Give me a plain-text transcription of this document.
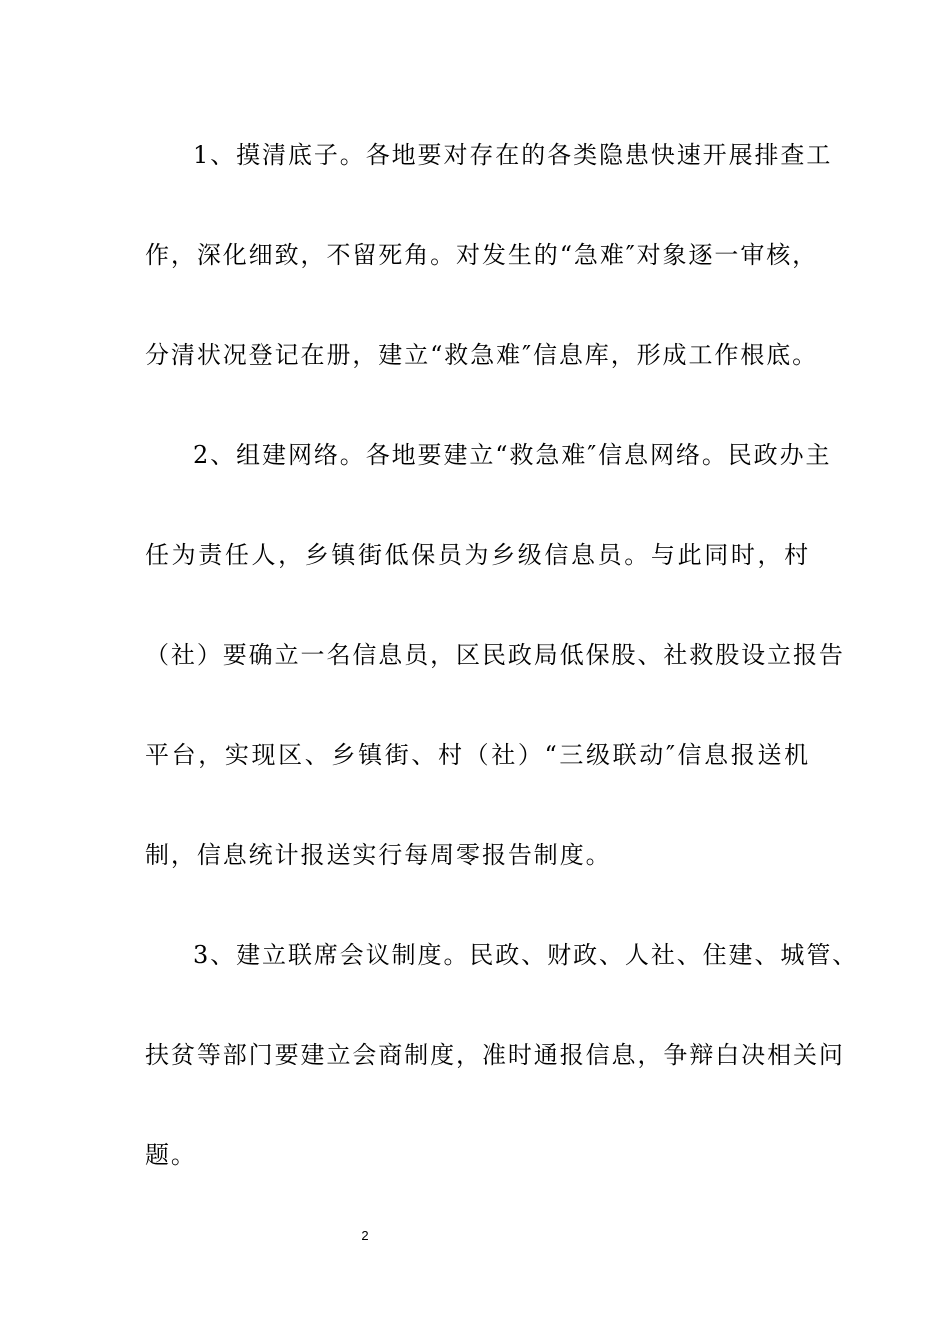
1、摸清底子。各地要对存在的各类隐患快速开展排查工
作，深化细致，不留死角。对发生的“急难″对象逐一审核，
分清状况登记在册，建立“救急难″信息库，形成工作根底。
2、组建网络。各地要建立“救急难″信息网络。民政办主
任为责任人，乡镇街低保员为乡级信息员。与此同时，村
（社）要确立一名信息员，区民政局低保股、社救股设立报告
平台，实现区、乡镇街、村（社）“三级联动″信息报送机
制，信息统计报送实行每周零报告制度。
3、建立联席会议制度。民政、财政、人社、住建、城管、
扶贫等部门要建立会商制度，准时通报信息，争辩白决相关问
题。
2
